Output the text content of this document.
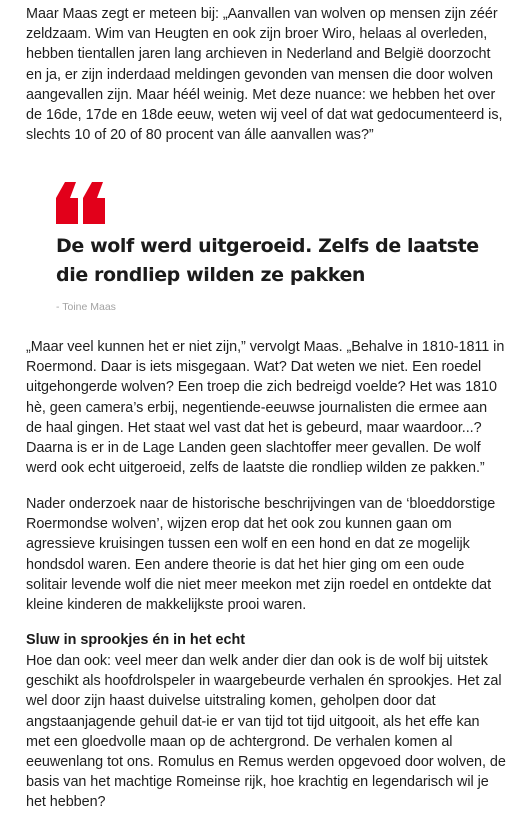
Maar Maas zegt er meteen bij: „Aanvallen van wolven op mensen zijn zéér zeldzaam. Wim van Heugten en ook zijn broer Wiro, helaas al overleden, hebben tientallen jaren lang archieven in Nederland and België doorzocht en ja, er zijn inderdaad meldingen gevonden van mensen die door wolven aangevallen zijn. Maar héél weinig. Met deze nuance: we hebben het over de 16de, 17de en 18de eeuw, weten wij veel of dat wat gedocumenteerd is, slechts 10 of 20 of 80 procent van álle aanvallen was?”

De wolf werd uitgeroeid. Zelfs de laatste die rondliep wilden ze pakken

- Toine Maas

„Maar veel kunnen het er niet zijn,” vervolgt Maas. „Behalve in 1810-1811 in Roermond. Daar is iets misgegaan. Wat? Dat weten we niet. Een roedel uitgehongerde wolven? Een troep die zich bedreigd voelde? Het was 1810 hè, geen camera’s erbij, negentiende-eeuwse journalisten die ermee aan de haal gingen. Het staat wel vast dat het is gebeurd, maar waardoor...? Daarna is er in de Lage Landen geen slachtoffer meer gevallen. De wolf werd ook echt uitgeroeid, zelfs de laatste die rondliep wilden ze pakken.”

Nader onderzoek naar de historische beschrijvingen van de ‘bloeddorstige Roermondse wolven’, wijzen erop dat het ook zou kunnen gaan om agressieve kruisingen tussen een wolf en een hond en dat ze mogelijk hondsdol waren. Een andere theorie is dat het hier ging om een oude solitair levende wolf die niet meer meekon met zijn roedel en ontdekte dat kleine kinderen de makkelijkste prooi waren.

Sluw in sprookjes én in het echt

Hoe dan ook: veel meer dan welk ander dier dan ook is de wolf bij uitstek geschikt als hoofdrolspeler in waargebeurde verhalen én sprookjes. Het zal wel door zijn haast duivelse uitstraling komen, geholpen door dat angstaanjagende gehuil dat-ie er van tijd tot tijd uitgooit, als het effe kan met een gloedvolle maan op de achtergrond. De verhalen komen al eeuwenlang tot ons. Romulus en Remus werden opgevoed door wolven, de basis van het machtige Romeinse rijk, hoe krachtig en legendarisch wil je het hebben?
